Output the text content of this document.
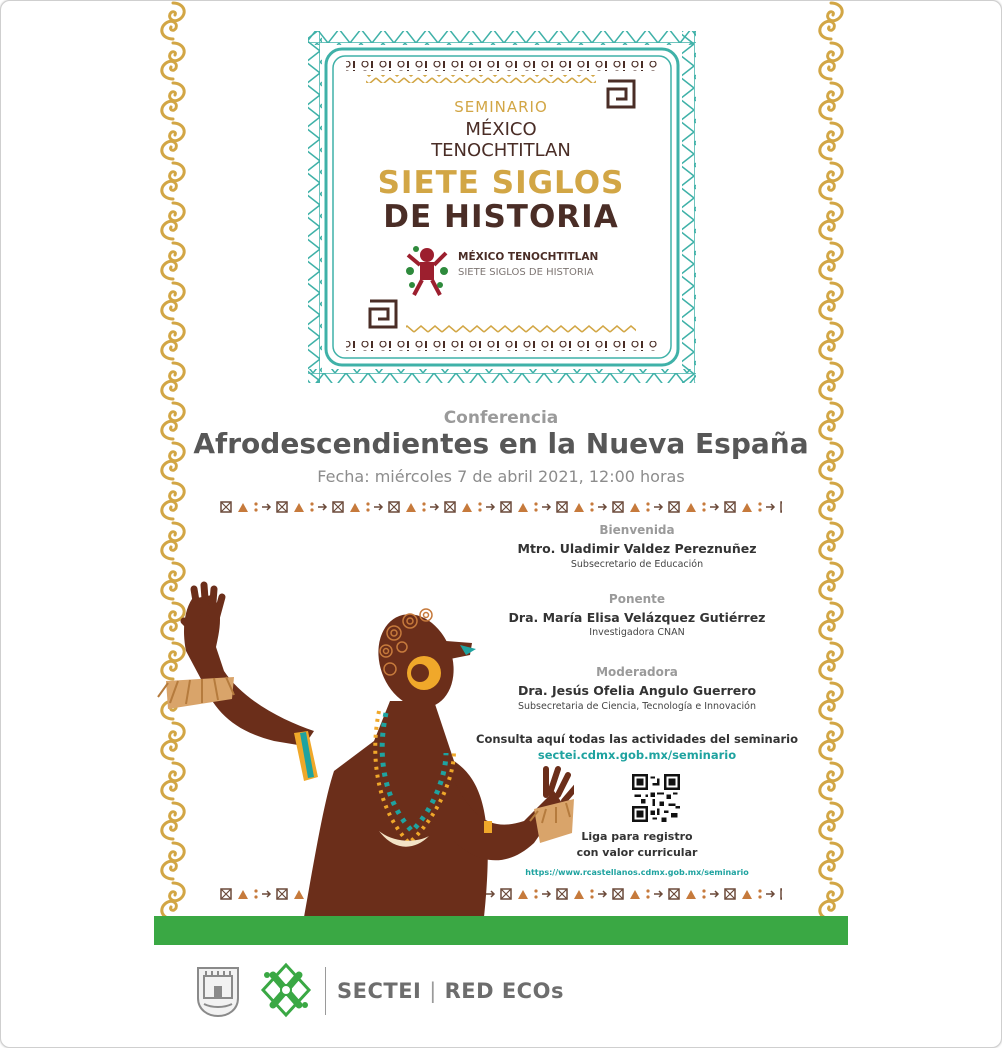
SEMINARIO

MÉXICO

TENOCHTITLAN

SIETE SIGLOS

DE HISTORIA

MÉXICO TENOCHTITLAN
SIETE SIGLOS DE HISTORIA

Conferencia

Afrodescendientes en la Nueva España

Fecha: miércoles 7 de abril 2021, 12:00 horas

Bienvenida

Mtro. Uladimir Valdez Pereznuñez

Subsecretario de Educación

Ponente

Dra. María Elisa Velázquez Gutiérrez

Investigadora CNAN

Moderadora

Dra. Jesús Ofelia Angulo Guerrero

Subsecretaria de Ciencia, Tecnología e Innovación

Consulta aquí todas las actividades del seminario

sectei.cdmx.gob.mx/seminario

Liga para registro

con valor curricular

https://www.rcastellanos.cdmx.gob.mx/seminario

SECTEI | RED ECOs
